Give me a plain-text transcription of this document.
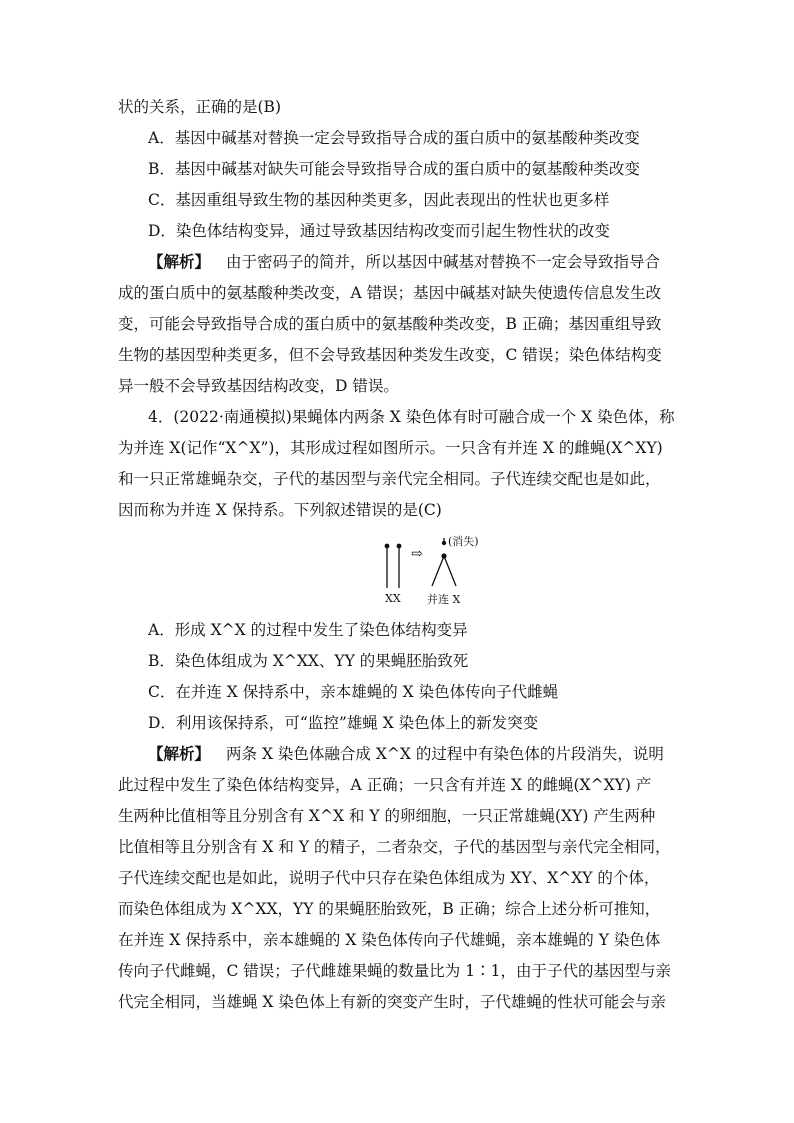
状的关系，正确的是(B)
A．基因中碱基对替换一定会导致指导合成的蛋白质中的氨基酸种类改变
B．基因中碱基对缺失可能会导致指导合成的蛋白质中的氨基酸种类改变
C．基因重组导致生物的基因种类更多，因此表现出的性状也更多样
D．染色体结构变异，通过导致基因结构改变而引起生物性状的改变
【解析】 由于密码子的简并，所以基因中碱基对替换不一定会导致指导合
成的蛋白质中的氨基酸种类改变，A 错误；基因中碱基对缺失使遗传信息发生改
变，可能会导致指导合成的蛋白质中的氨基酸种类改变，B 正确；基因重组导致
生物的基因型种类更多，但不会导致基因种类发生改变，C 错误；染色体结构变
异一般不会导致基因结构改变，D 错误。
4．(2022·南通模拟)果蝇体内两条 X 染色体有时可融合成一个 X 染色体，称
为并连 X(记作“X^X”)，其形成过程如图所示。一只含有并连 X 的雌蝇(X^XY)
和一只正常雄蝇杂交，子代的基因型与亲代完全相同。子代连续交配也是如此，
因而称为并连 X 保持系。下列叙述错误的是(C)
⇨
(消失)
XX 并连 X
A．形成 X^X 的过程中发生了染色体结构变异
B．染色体组成为 X^XX、YY 的果蝇胚胎致死
C．在并连 X 保持系中，亲本雄蝇的 X 染色体传向子代雌蝇
D．利用该保持系，可“监控”雄蝇 X 染色体上的新发突变
【解析】 两条 X 染色体融合成 X^X 的过程中有染色体的片段消失，说明
此过程中发生了染色体结构变异，A 正确；一只含有并连 X 的雌蝇(X^XY) 产
生两种比值相等且分别含有 X^X 和 Y 的卵细胞，一只正常雄蝇(XY) 产生两种
比值相等且分别含有 X 和 Y 的精子，二者杂交，子代的基因型与亲代完全相同，
子代连续交配也是如此，说明子代中只存在染色体组成为 XY、X^XY 的个体，
而染色体组成为 X^XX，YY 的果蝇胚胎致死，B 正确；综合上述分析可推知，
在并连 X 保持系中，亲本雄蝇的 X 染色体传向子代雄蝇，亲本雄蝇的 Y 染色体
传向子代雌蝇，C 错误；子代雌雄果蝇的数量比为 1∶1，由于子代的基因型与亲
代完全相同，当雄蝇 X 染色体上有新的突变产生时，子代雄蝇的性状可能会与亲
